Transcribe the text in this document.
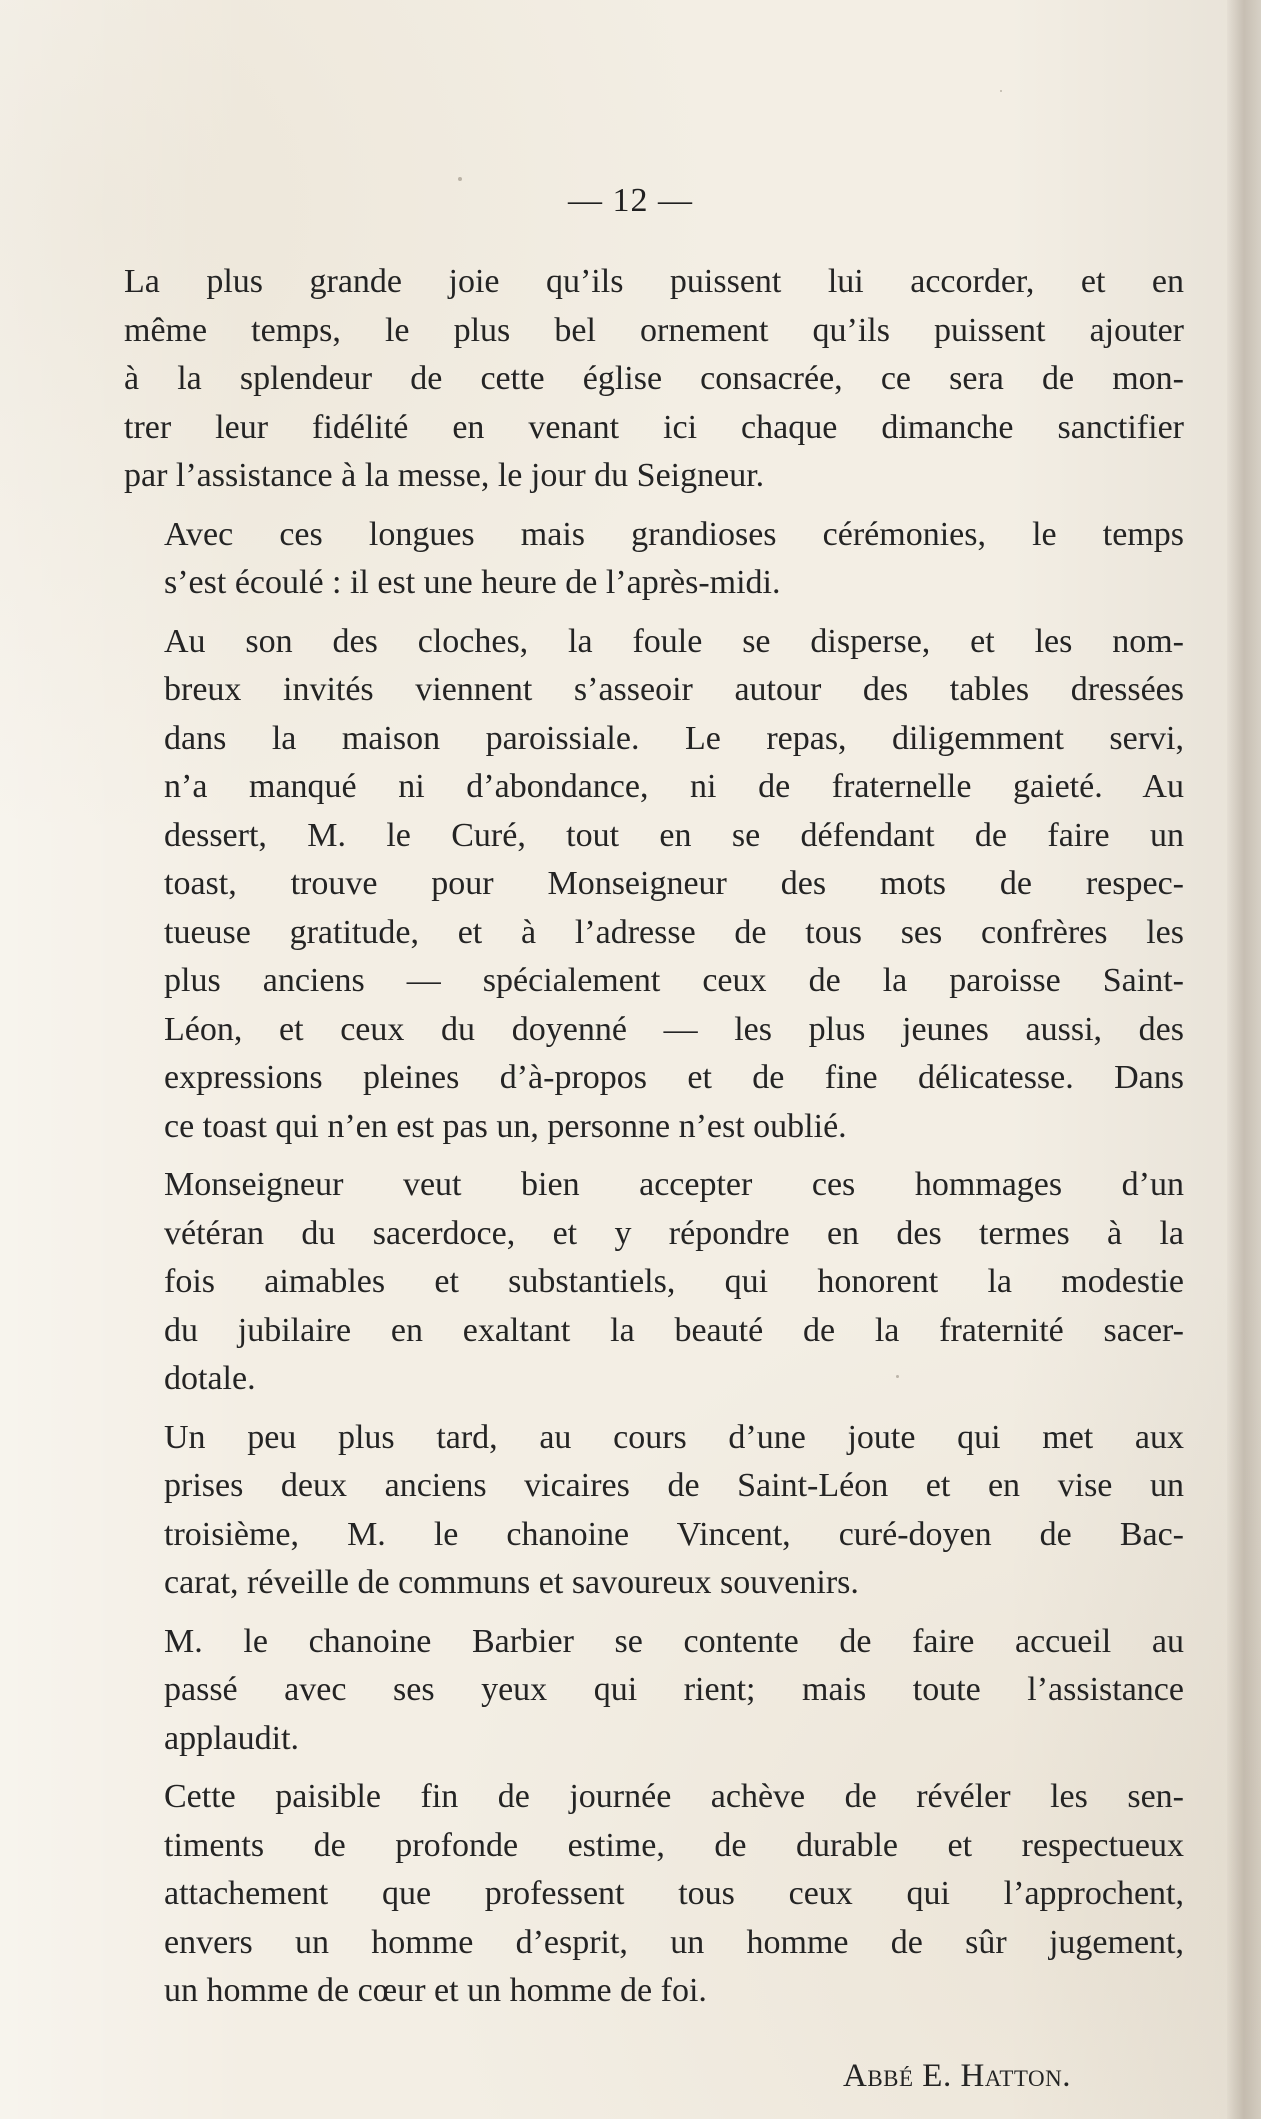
— 12 —
La plus grande joie qu’ils puissent lui accorder, et en
même temps, le plus bel ornement qu’ils puissent ajouter
à la splendeur de cette église consacrée, ce sera de mon-
trer leur fidélité en venant ici chaque dimanche sanctifier
par l’assistance à la messe, le jour du Seigneur.
Avec ces longues mais grandioses cérémonies, le temps
s’est écoulé : il est une heure de l’après-midi.
Au son des cloches, la foule se disperse, et les nom-
breux invités viennent s’asseoir autour des tables dressées
dans la maison paroissiale. Le repas, diligemment servi,
n’a manqué ni d’abondance, ni de fraternelle gaieté. Au
dessert, M. le Curé, tout en se défendant de faire un
toast, trouve pour Monseigneur des mots de respec-
tueuse gratitude, et à l’adresse de tous ses confrères les
plus anciens — spécialement ceux de la paroisse Saint-
Léon, et ceux du doyenné — les plus jeunes aussi, des
expressions pleines d’à-propos et de fine délicatesse. Dans
ce toast qui n’en est pas un, personne n’est oublié.
Monseigneur veut bien accepter ces hommages d’un
vétéran du sacerdoce, et y répondre en des termes à la
fois aimables et substantiels, qui honorent la modestie
du jubilaire en exaltant la beauté de la fraternité sacer-
dotale.
Un peu plus tard, au cours d’une joute qui met aux
prises deux anciens vicaires de Saint-Léon et en vise un
troisième, M. le chanoine Vincent, curé-doyen de Bac-
carat, réveille de communs et savoureux souvenirs.
M. le chanoine Barbier se contente de faire accueil au
passé avec ses yeux qui rient; mais toute l’assistance
applaudit.
Cette paisible fin de journée achève de révéler les sen-
timents de profonde estime, de durable et respectueux
attachement que professent tous ceux qui l’approchent,
envers un homme d’esprit, un homme de sûr jugement,
un homme de cœur et un homme de foi.
Abbé E. Hatton.
